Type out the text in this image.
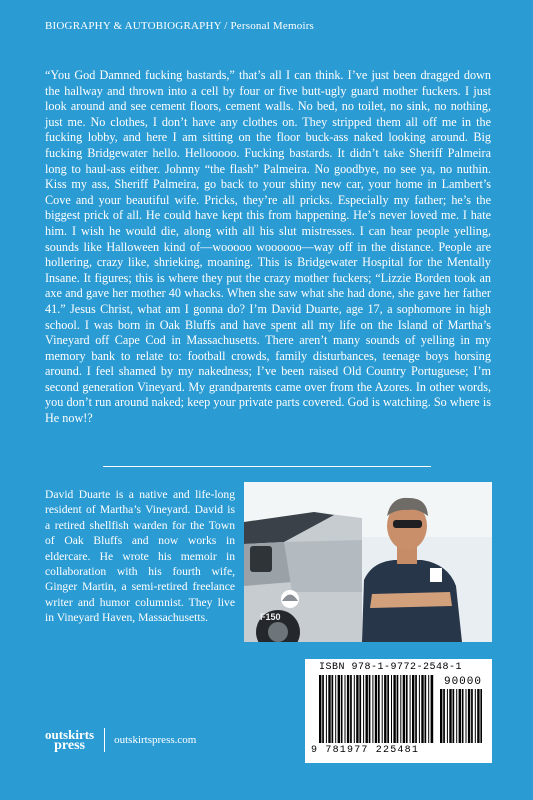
BIOGRAPHY & AUTOBIOGRAPHY / Personal Memoirs
“You God Damned fucking bastards,” that’s all I can think. I’ve just been dragged down the hallway and thrown into a cell by four or five butt-ugly guard mother fuckers. I just look around and see cement floors, cement walls. No bed, no toilet, no sink, no nothing, just me. No clothes, I don’t have any clothes on. They stripped them all off me in the fucking lobby, and here I am sitting on the floor buck-ass naked looking around. Big fucking Bridgewater hello. Hellooooo. Fucking bastards. It didn’t take Sheriff Palmeira long to haul-ass either. Johnny “the flash” Palmeira. No goodbye, no see ya, no nuthin. Kiss my ass, Sheriff Palmeira, go back to your shiny new car, your home in Lambert’s Cove and your beautiful wife. Pricks, they’re all pricks. Especially my father; he’s the biggest prick of all. He could have kept this from happening. He’s never loved me. I hate him. I wish he would die, along with all his slut mistresses. I can hear people yelling, sounds like Halloween kind of—wooooo woooooo—way off in the distance. People are hollering, crazy like, shrieking, moaning. This is Bridgewater Hospital for the Mentally Insane. It figures; this is where they put the crazy mother fuckers; “Lizzie Borden took an axe and gave her mother 40 whacks. When she saw what she had done, she gave her father 41.” Jesus Christ, what am I gonna do? I’m David Duarte, age 17, a sophomore in high school. I was born in Oak Bluffs and have spent all my life on the Island of Martha’s Vineyard off Cape Cod in Massachusetts. There aren’t many sounds of yelling in my memory bank to relate to: football crowds, family disturbances, teenage boys horsing around. I feel shamed by my nakedness; I’ve been raised Old Country Portuguese; I’m second generation Vineyard. My grandparents came over from the Azores. In other words, you don’t run around naked; keep your private parts covered. God is watching. So where is He now!?
David Duarte is a native and life-long resident of Martha’s Vineyard. David is a retired shellfish warden for the Town of Oak Bluffs and now works in eldercare. He wrote his memoir in collaboration with his fourth wife, Ginger Martin, a semi-retired freelance writer and humor columnist. They live in Vineyard Haven, Massachusetts.	F150
ISBN 978-1-9772-2548-1
90000
9 781977 225481
outskirts
press	outskirtspress.com
